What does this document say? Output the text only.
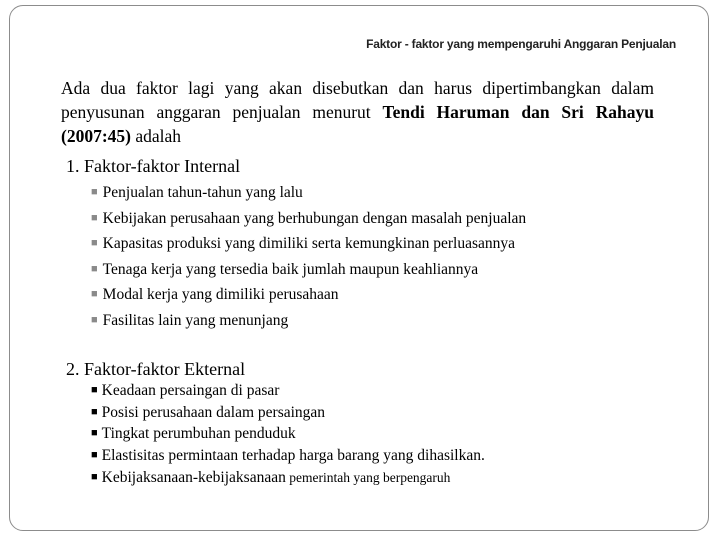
Faktor - faktor yang mempengaruhi Anggaran Penjualan
Ada dua faktor lagi yang akan disebutkan dan harus dipertimbangkan dalam penyusunan anggaran penjualan menurut Tendi Haruman dan Sri Rahayu (2007:45) adalah
1. Faktor-faktor Internal
■ Penjualan tahun-tahun yang lalu
■ Kebijakan perusahaan yang berhubungan dengan masalah penjualan
■ Kapasitas produksi yang dimiliki serta kemungkinan perluasannya
■ Tenaga kerja yang tersedia baik jumlah maupun keahliannya
■ Modal kerja yang dimiliki perusahaan
■ Fasilitas lain yang menunjang
2. Faktor-faktor Ekternal
■ Keadaan persaingan di pasar
■ Posisi perusahaan dalam persaingan
■ Tingkat perumbuhan penduduk
■ Elastisitas permintaan terhadap harga barang yang dihasilkan.
■ Kebijaksanaan-kebijaksanaan pemerintah yang berpengaruh
